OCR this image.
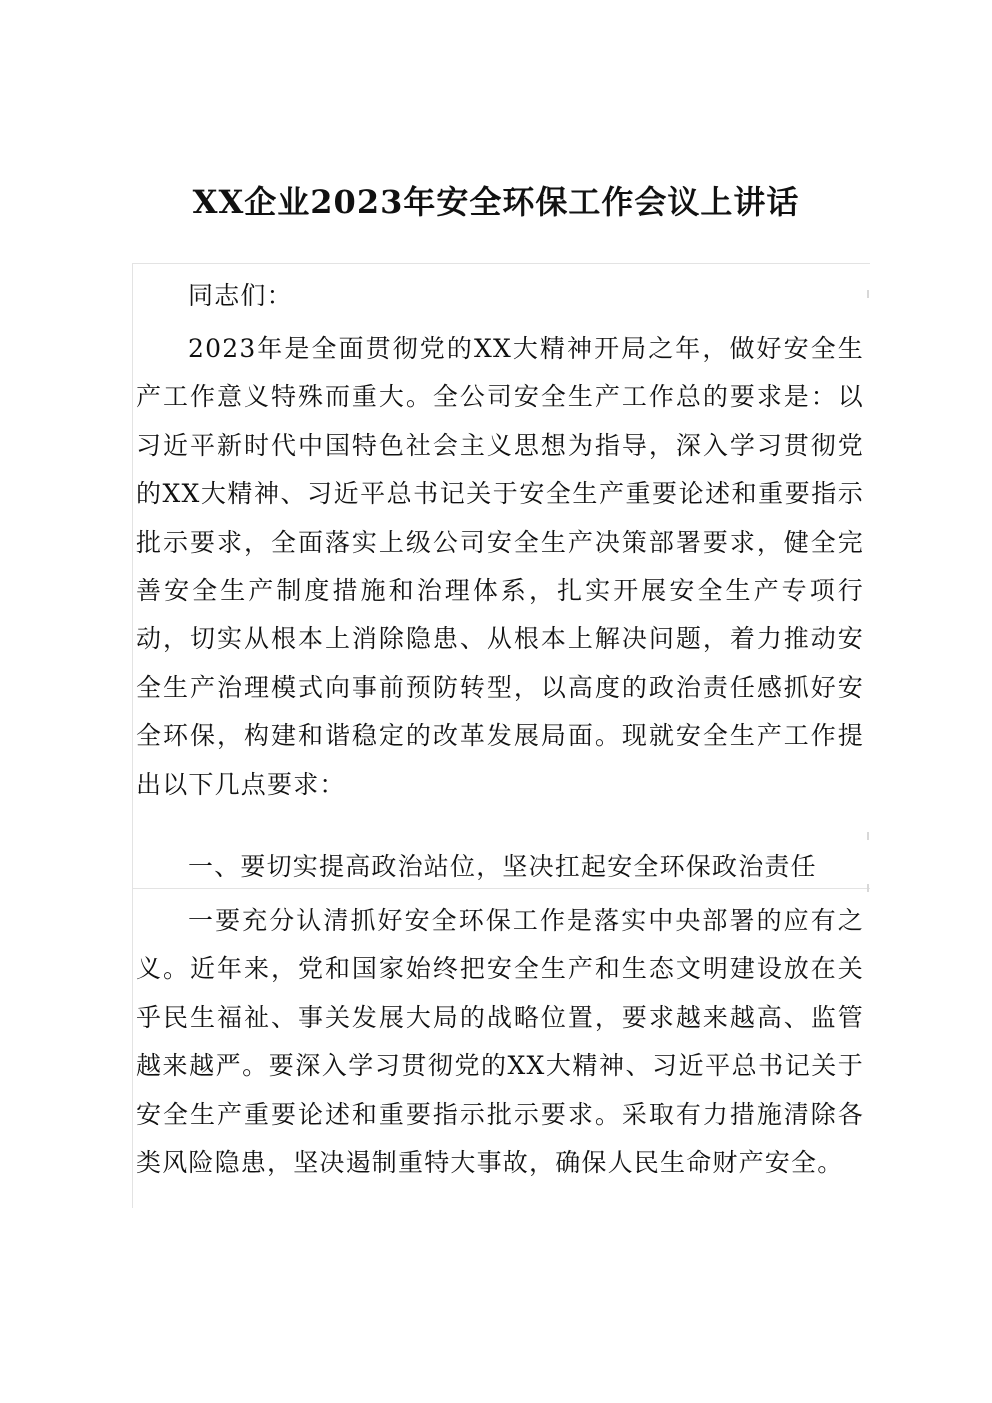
XX企业2023年安全环保工作会议上讲话

同志们：

2023年是全面贯彻党的XX大精神开局之年，做好安全生产工作意义特殊而重大。全公司安全生产工作总的要求是：以习近平新时代中国特色社会主义思想为指导，深入学习贯彻党的XX大精神、习近平总书记关于安全生产重要论述和重要指示批示要求，全面落实上级公司安全生产决策部署要求，健全完善安全生产制度措施和治理体系，扎实开展安全生产专项行动，切实从根本上消除隐患、从根本上解决问题，着力推动安全生产治理模式向事前预防转型，以高度的政治责任感抓好安全环保，构建和谐稳定的改革发展局面。现就安全生产工作提出以下几点要求：

一、要切实提高政治站位，坚决扛起安全环保政治责任

一要充分认清抓好安全环保工作是落实中央部署的应有之义。近年来，党和国家始终把安全生产和生态文明建设放在关乎民生福祉、事关发展大局的战略位置，要求越来越高、监管越来越严。要深入学习贯彻党的XX大精神、习近平总书记关于安全生产重要论述和重要指示批示要求。采取有力措施清除各类风险隐患，坚决遏制重特大事故，确保人民生命财产安全。
